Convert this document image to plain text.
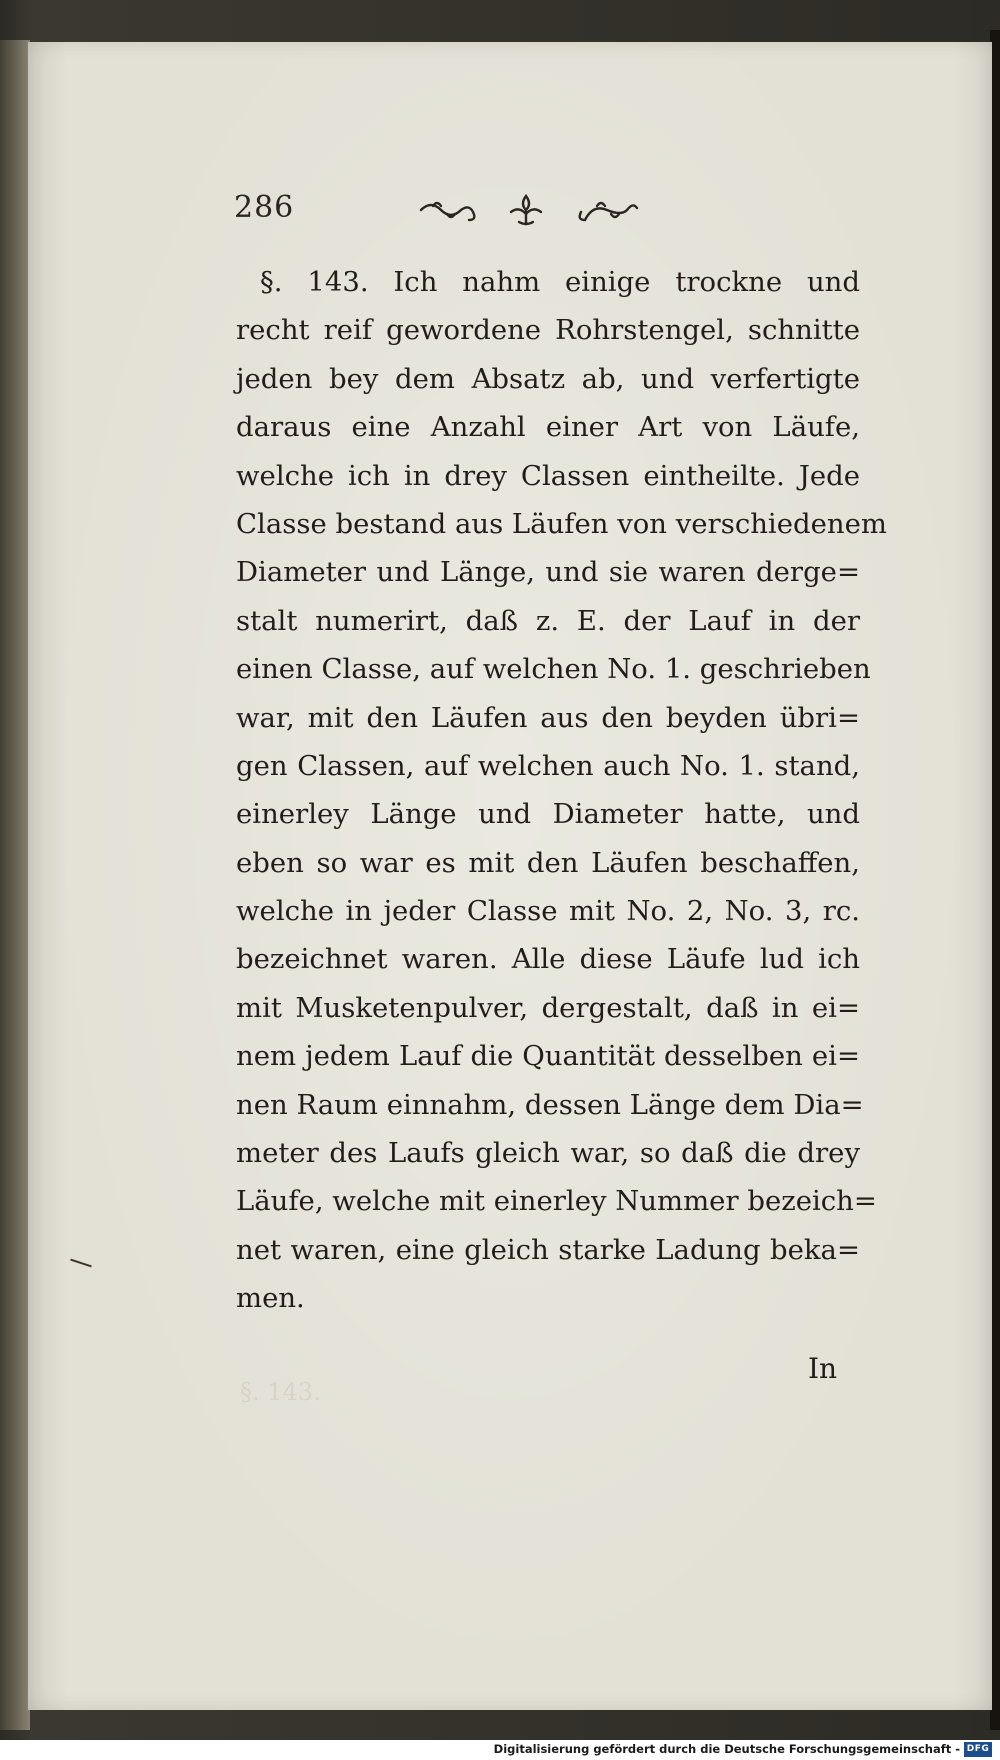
286
§. 143. Ich nahm einige trockne und
recht reif gewordene Rohrstengel, schnitte
jeden bey dem Absatz ab, und verfertigte
daraus eine Anzahl einer Art von Läufe,
welche ich in drey Classen eintheilte. Jede
Classe bestand aus Läufen von verschiedenem
Diameter und Länge, und sie waren derge=
stalt numerirt, daß z. E. der Lauf in der
einen Classe, auf welchen No. 1. geschrieben
war, mit den Läufen aus den beyden übri=
gen Classen, auf welchen auch No. 1. stand,
einerley Länge und Diameter hatte, und
eben so war es mit den Läufen beschaffen,
welche in jeder Classe mit No. 2, No. 3, rc.
bezeichnet waren. Alle diese Läufe lud ich
mit Musketenpulver, dergestalt, daß in ei=
nem jedem Lauf die Quantität desselben ei=
nen Raum einnahm, dessen Länge dem Dia=
meter des Laufs gleich war, so daß die drey
Läufe, welche mit einerley Nummer bezeich=
net waren, eine gleich starke Ladung beka=
men.
§. 143.
In
Digitalisierung gefördert durch die Deutsche Forschungsgemeinschaft - DFG
